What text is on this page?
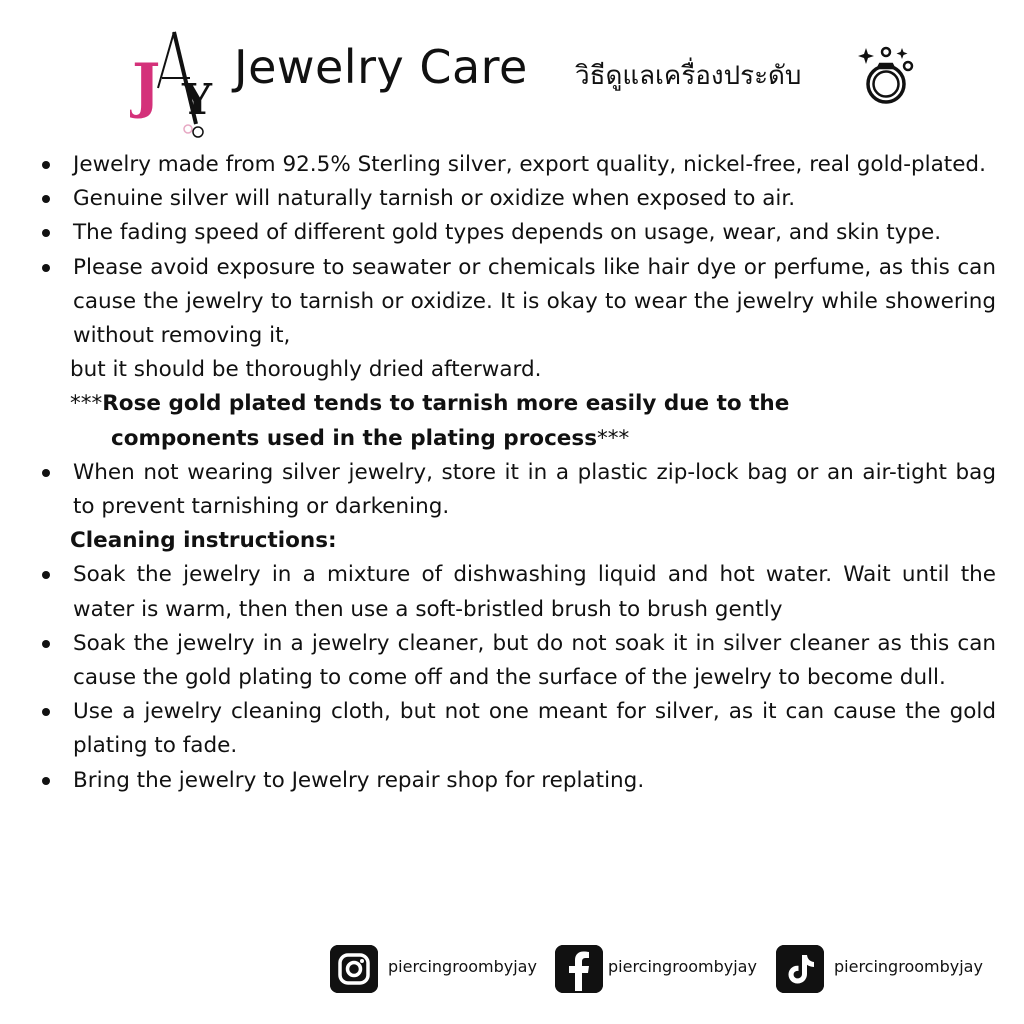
J Y
Jewelry Care วิธีดูแลเครื่องประดับ
Jewelry made from 92.5% Sterling silver, export quality, nickel-free, real gold-plated.
Genuine silver will naturally tarnish or oxidize when exposed to air.
The fading speed of different gold types depends on usage, wear, and skin type.
Please avoid exposure to seawater or chemicals like hair dye or perfume, as this can cause the jewelry to tarnish or oxidize. It is okay to wear the jewelry while showering without removing it,
but it should be thoroughly dried afterward.
***Rose gold plated tends to tarnish more easily due to the
components used in the plating process***
When not wearing silver jewelry, store it in a plastic zip-lock bag or an air-tight bag to prevent tarnishing or darkening.
Cleaning instructions:
Soak the jewelry in a mixture of dishwashing liquid and hot water. Wait until the water is warm, then then use a soft-bristled brush to brush gently
Soak the jewelry in a jewelry cleaner, but do not soak it in silver cleaner as this can cause the gold plating to come off and the surface of the jewelry to become dull.
Use a jewelry cleaning cloth, but not one meant for silver, as it can cause the gold plating to fade.
Bring the jewelry to Jewelry repair shop for replating.
piercingroombyjay	piercingroombyjay	piercingroombyjay
